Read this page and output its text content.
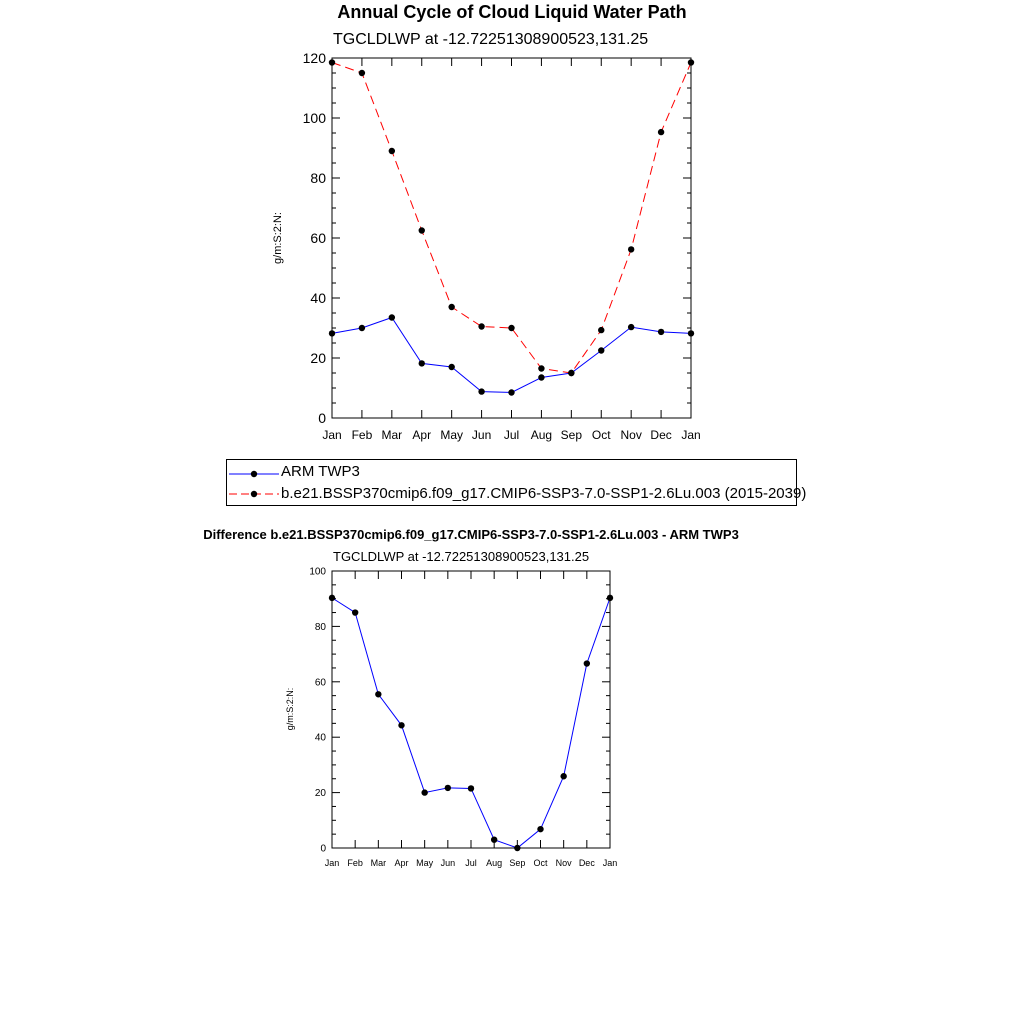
Annual Cycle of Cloud Liquid Water Path
TGCLDLWP at -12.72251308900523,131.25
g/m:S:2:N:
0
20
40
60
80
100
120
Jan Feb Mar Apr May Jun Jul Aug Sep Oct Nov Dec Jan
ARM TWP3
b.e21.BSSP370cmip6.f09_g17.CMIP6-SSP3-7.0-SSP1-2.6Lu.003 (2015-2039)
Difference b.e21.BSSP370cmip6.f09_g17.CMIP6-SSP3-7.0-SSP1-2.6Lu.003 - ARM TWP3
TGCLDLWP at -12.72251308900523,131.25
g/m:S:2:N:
0
20
40
60
80
100
Jan Feb Mar Apr May Jun Jul Aug Sep Oct Nov Dec Jan
